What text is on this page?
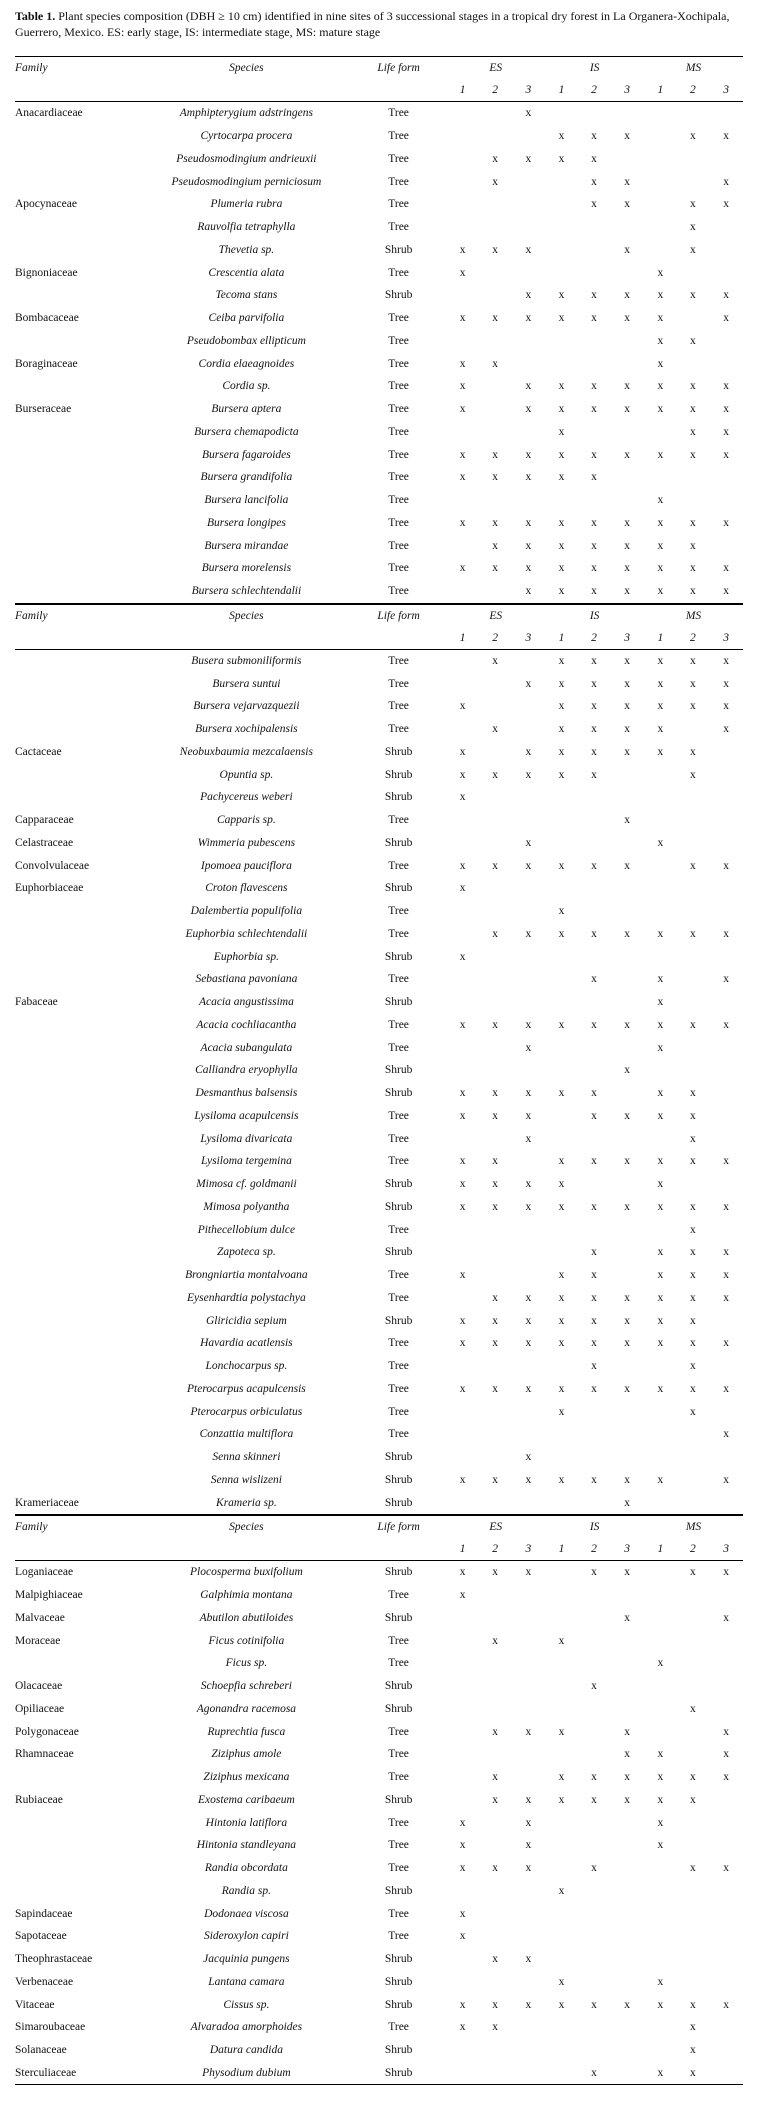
Table 1. Plant species composition (DBH ≥ 10 cm) identified in nine sites of 3 successional stages in a tropical dry forest in La Organera-Xochipala, Guerrero, Mexico. ES: early stage, IS: intermediate stage, MS: mature stage
Family	Species	Life form	ES			IS			MS		
			1	2	3	1	2	3	1	2	3
Anacardiaceae	Amphipterygium adstringens	Tree			x						
	Cyrtocarpa procera	Tree				x	x	x		x	x
	Pseudosmodingium andrieuxii	Tree		x	x	x	x				
	Pseudosmodingium perniciosum	Tree		x			x	x			x
Apocynaceae	Plumeria rubra	Tree					x	x		x	x
	Rauvolfia tetraphylla	Tree								x	
	Thevetia sp.	Shrub	x	x	x			x		x	
Bignoniaceae	Crescentia alata	Tree	x						x		
	Tecoma stans	Shrub			x	x	x	x	x	x	x
Bombacaceae	Ceiba parvifolia	Tree	x	x	x	x	x	x	x		x
	Pseudobombax ellipticum	Tree							x	x	
Boraginaceae	Cordia elaeagnoides	Tree	x	x					x		
	Cordia sp.	Tree	x		x	x	x	x	x	x	x
Burseraceae	Bursera aptera	Tree	x		x	x	x	x	x	x	x
	Bursera chemapodicta	Tree				x				x	x
	Bursera fagaroides	Tree	x	x	x	x	x	x	x	x	x
	Bursera grandifolia	Tree	x	x	x	x	x				
	Bursera lancifolia	Tree							x		
	Bursera longipes	Tree	x	x	x	x	x	x	x	x	x
	Bursera mirandae	Tree		x	x	x	x	x	x	x	
	Bursera morelensis	Tree	x	x	x	x	x	x	x	x	x
	Bursera schlechtendalii	Tree			x	x	x	x	x	x	x
Family	Species	Life form	ES			IS			MS		
			1	2	3	1	2	3	1	2	3
	Busera submoniliformis	Tree		x		x	x	x	x	x	x
	Bursera suntui	Tree			x	x	x	x	x	x	x
	Bursera vejarvazquezii	Tree	x			x	x	x	x	x	x
	Bursera xochipalensis	Tree		x		x	x	x	x		x
Cactaceae	Neobuxbaumia mezcalaensis	Shrub	x		x	x	x	x	x	x	
	Opuntia sp.	Shrub	x	x	x	x	x			x	
	Pachycereus weberi	Shrub	x								
Capparaceae	Capparis sp.	Tree						x			
Celastraceae	Wimmeria pubescens	Shrub			x				x		
Convolvulaceae	Ipomoea pauciflora	Tree	x	x	x	x	x	x		x	x
Euphorbiaceae	Croton flavescens	Shrub	x								
	Dalembertia populifolia	Tree				x					
	Euphorbia schlechtendalii	Tree		x	x	x	x	x	x	x	x
	Euphorbia sp.	Shrub	x								
	Sebastiana pavoniana	Tree					x		x		x
Fabaceae	Acacia angustissima	Shrub							x		
	Acacia cochliacantha	Tree	x	x	x	x	x	x	x	x	x
	Acacia subangulata	Tree			x				x		
	Calliandra eryophylla	Shrub						x			
	Desmanthus balsensis	Shrub	x	x	x	x	x		x	x	
	Lysiloma acapulcensis	Tree	x	x	x		x	x	x	x	
	Lysiloma divaricata	Tree			x					x	
	Lysiloma tergemina	Tree	x	x		x	x	x	x	x	x
	Mimosa cf. goldmanii	Shrub	x	x	x	x			x		
	Mimosa polyantha	Shrub	x	x	x	x	x	x	x	x	x
	Pithecellobium dulce	Tree								x	
	Zapoteca sp.	Shrub					x		x	x	x
	Brongniartia montalvoana	Tree	x			x	x		x	x	x
	Eysenhardtia polystachya	Tree		x	x	x	x	x	x	x	x
	Gliricidia sepium	Shrub	x	x	x	x	x	x	x	x	
	Havardia acatlensis	Tree	x	x	x	x	x	x	x	x	x
	Lonchocarpus sp.	Tree					x			x	
	Pterocarpus acapulcensis	Tree	x	x	x	x	x	x	x	x	x
	Pterocarpus orbiculatus	Tree				x				x	
	Conzattia multiflora	Tree									x
	Senna skinneri	Shrub			x						
	Senna wislizeni	Shrub	x	x	x	x	x	x	x		x
Krameriaceae	Krameria sp.	Shrub						x			
Family	Species	Life form	ES			IS			MS		
			1	2	3	1	2	3	1	2	3
Loganiaceae	Plocosperma buxifolium	Shrub	x	x	x		x	x		x	x
Malpighiaceae	Galphimia montana	Tree	x								
Malvaceae	Abutilon abutiloides	Shrub						x			x
Moraceae	Ficus cotinifolia	Tree		x		x					
	Ficus sp.	Tree							x		
Olacaceae	Schoepfia schreberi	Shrub					x				
Opiliaceae	Agonandra racemosa	Shrub								x	
Polygonaceae	Ruprechtia fusca	Tree		x	x	x		x			x
Rhamnaceae	Ziziphus amole	Tree						x	x		x
	Ziziphus mexicana	Tree		x		x	x	x	x	x	x
Rubiaceae	Exostema caribaeum	Shrub		x	x	x	x	x	x	x	
	Hintonia latiflora	Tree	x		x				x		
	Hintonia standleyana	Tree	x		x				x		
	Randia obcordata	Tree	x	x	x		x			x	x
	Randia sp.	Shrub				x					
Sapindaceae	Dodonaea viscosa	Tree	x								
Sapotaceae	Sideroxylon capiri	Tree	x								
Theophrastaceae	Jacquinia pungens	Shrub		x	x						
Verbenaceae	Lantana camara	Shrub				x			x		
Vitaceae	Cissus sp.	Shrub	x	x	x	x	x	x	x	x	x
Simaroubaceae	Alvaradoa amorphoides	Tree	x	x						x	
Solanaceae	Datura candida	Shrub								x	
Sterculiaceae	Physodium dubium	Shrub					x		x	x	
